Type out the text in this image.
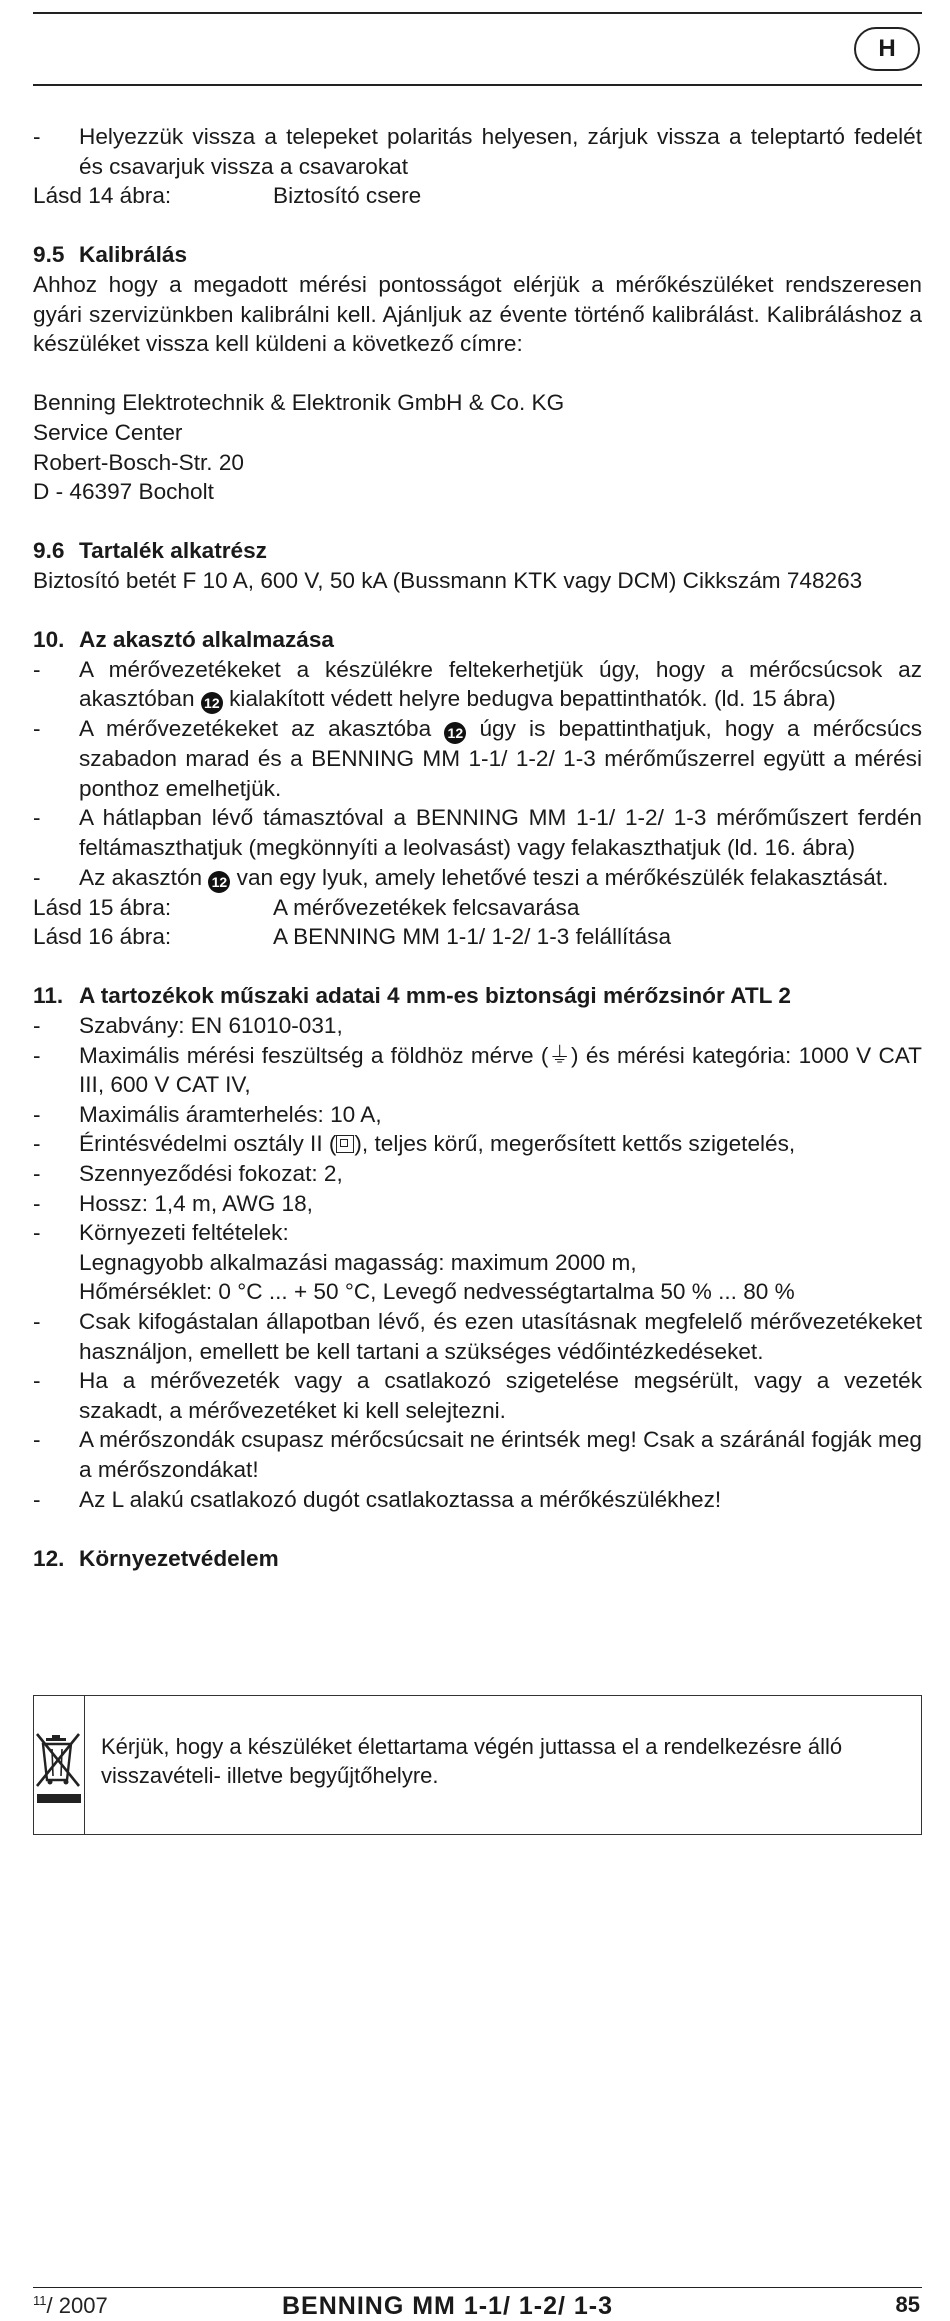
H

- Helyezzük vissza a telepeket polaritás helyesen, zárjuk vissza a teleptartó fedelét és csavarjuk vissza a csavarokat

Lásd 14 ábra:	Biztosító csere

9.5 Kalibrálás

Ahhoz hogy a megadott mérési pontosságot elérjük a mérőkészüléket rendszeresen gyári szervizünkben kalibrálni kell. Ajánljuk az évente történő kalibrálást. Kalibráláshoz a készüléket vissza kell küldeni a következő címre:

Benning Elektrotechnik & Elektronik GmbH & Co. KG

Service Center

Robert-Bosch-Str. 20

D - 46397 Bocholt

9.6 Tartalék alkatrész

Biztosító betét F 10 A, 600 V, 50 kA (Bussmann KTK vagy DCM) Cikkszám 748263

10. Az akasztó alkalmazása

- A mérővezetékeket a készülékre feltekerhetjük úgy, hogy a mérőcsúcsok az akasztóban 12 kialakított védett helyre bedugva bepattinthatók. (ld. 15 ábra)

- A mérővezetékeket az akasztóba 12 úgy is bepattinthatjuk, hogy a mérőcsúcs szabadon marad és a BENNING MM 1-1/ 1-2/ 1-3 mérőműszerrel együtt a mérési ponthoz emelhetjük.

- A hátlapban lévő támasztóval a BENNING MM 1-1/ 1-2/ 1-3 mérőműszert ferdén feltámaszthatjuk (megkönnyíti a leolvasást) vagy felakaszthatjuk (ld. 16. ábra)

- Az akasztón 12 van egy lyuk, amely lehetővé teszi a mérőkészülék felakasztását.

Lásd 15 ábra:	A mérővezetékek felcsavarása

Lásd 16 ábra:	A BENNING MM 1-1/ 1-2/ 1-3 felállítása

11. A tartozékok műszaki adatai 4 mm-es biztonsági mérőzsinór ATL 2

- Szabvány: EN 61010-031,

- Maximális mérési feszültség a földhöz mérve (⏚) és mérési kategória: 1000 V CAT III, 600 V CAT IV,

- Maximális áramterhelés: 10 A,

- Érintésvédelmi osztály II ( ), teljes körű, megerősített kettős szigetelés,

- Szennyeződési fokozat: 2,

- Hossz: 1,4 m, AWG 18,

- Környezeti feltételek:

Legnagyobb alkalmazási magasság: maximum 2000 m,

Hőmérséklet: 0 °C ... + 50 °C, Levegő nedvességtartalma 50 % ... 80 %

- Csak kifogástalan állapotban lévő, és ezen utasításnak megfelelő mérővezetékeket használjon, emellett be kell tartani a szükséges védőintézkedéseket.

- Ha a mérővezeték vagy a csatlakozó szigetelése megsérült, vagy a vezeték szakadt, a mérővezetéket ki kell selejtezni.

- A mérőszondák csupasz mérőcsúcsait ne érintsék meg! Csak a száránál fogják meg a mérőszondákat!

- Az L alakú csatlakozó dugót csatlakoztassa a mérőkészülékhez!

12. Környezetvédelem

Kérjük, hogy a készüléket élettartama végén juttassa el a rendelkezésre álló visszavételi- illetve begyűjtőhelyre.
$^{11}$/ 2007	BENNING MM 1-1/ 1-2/ 1-3	85
